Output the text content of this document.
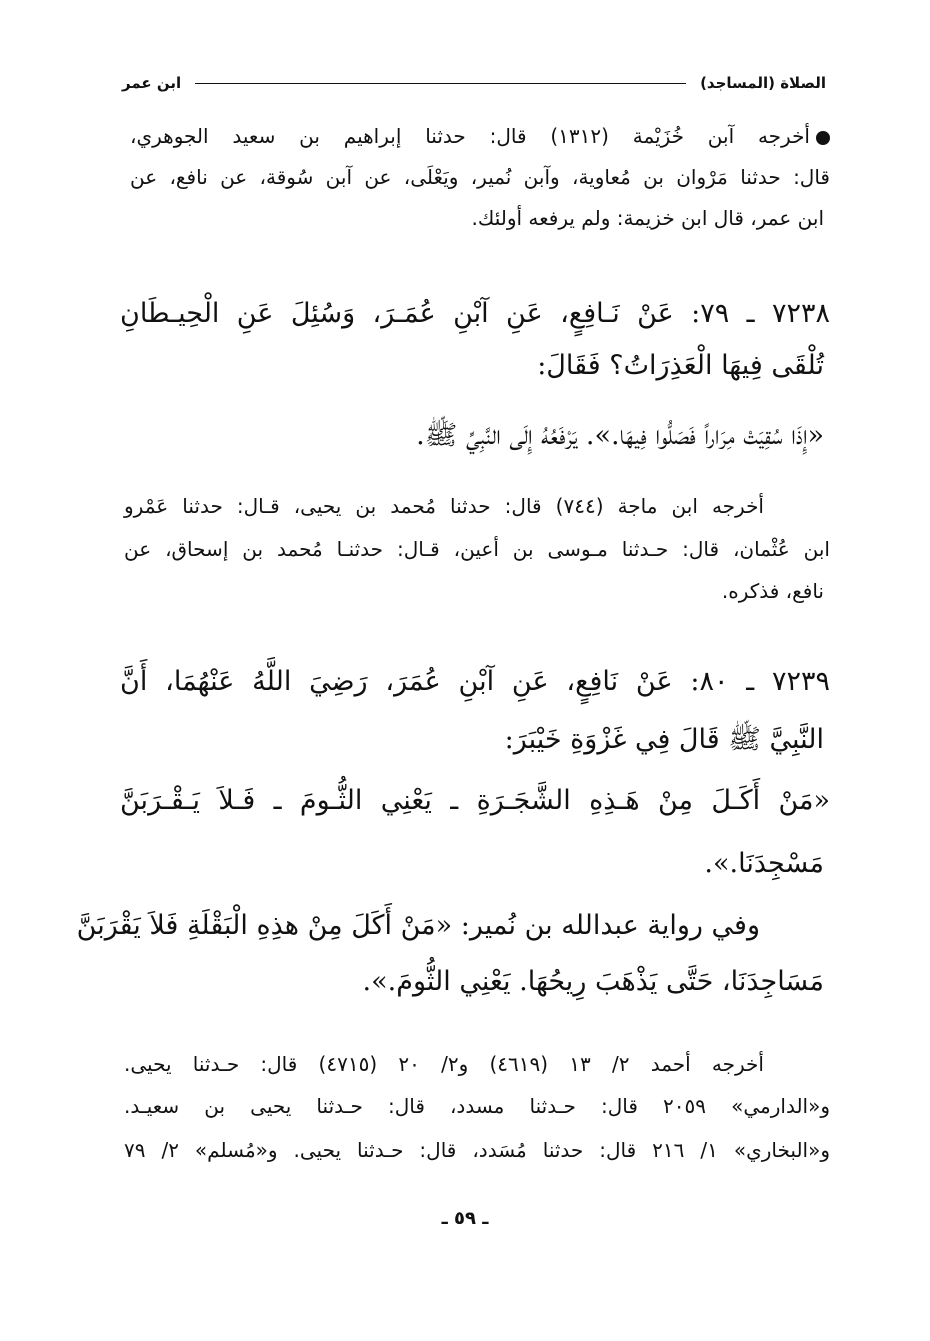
الصلاة (المساجد)
ابن عمر
أخرجه آبن خُزَيْمة (١٣١٢) قال: حدثنا إبراهيم بن سعيد الجوهري،
قال: حدثنا مَرْوان بن مُعاوية، وآبن نُمير، ويَعْلَى، عن آبن سُوقة، عن نافع، عن
ابن عمر، قال ابن خزيمة: ولم يرفعه أولئك.
٧٢٣٨ ـ ٧٩: عَنْ نَـافِعٍ، عَنِ آبْنِ عُمَـرَ، وَسُئِلَ عَنِ الْحِيـطَانِ
تُلْقَى فِيهَا الْعَذِرَاتُ؟ فَقَالَ:
«إِذَا سُقِيَتْ مِرَاراً فَصَلُّوا فِيهَا.». يَرْفَعُهُ إِلَى النَّبِيِّ ﷺ.
أخرجه ابن ماجة (٧٤٤) قال: حدثنا مُحمد بن يحيى، قـال: حدثنا عَمْرو
ابن عُثْمان، قال: حـدثنا مـوسى بن أعين، قـال: حدثنـا مُحمد بن إسحاق، عن
نافع، فذكره.
٧٢٣٩ ـ ٨٠: عَنْ نَافِعٍ، عَنِ آبْنِ عُمَرَ، رَضِيَ اللَّهُ عَنْهُمَا، أَنَّ
النَّبِيَّ ﷺ قَالَ فِي غَزْوَةِ خَيْبَرَ:
«مَنْ أَكَـلَ مِنْ هَـذِهِ الشَّجَـرَةِ ـ يَعْنِي الثُّـومَ ـ فَـلاَ يَـقْـرَبَنَّ
مَسْجِدَنَا.».
وفي رواية عبدالله بن نُمير: «مَنْ أَكَلَ مِنْ هذِهِ الْبَقْلَةِ فَلاَ يَقْرَبَنَّ
مَسَاجِدَنَا، حَتَّى يَذْهَبَ رِيحُهَا. يَعْنِي الثُّومَ.».
أخرجه أحمد ٢/ ١٣ (٤٦١٩) و٢/ ٢٠ (٤٧١٥) قال: حـدثنا يحيى.
و«الدارمي» ٢٠٥٩ قال: حـدثنا مسدد، قال: حـدثنا يحيى بن سعيـد.
و«البخاري» ١/ ٢١٦ قال: حدثنا مُسَدد، قال: حـدثنا يحيى. و«مُسلم» ٢/ ٧٩
ـ ٥٩ ـ
